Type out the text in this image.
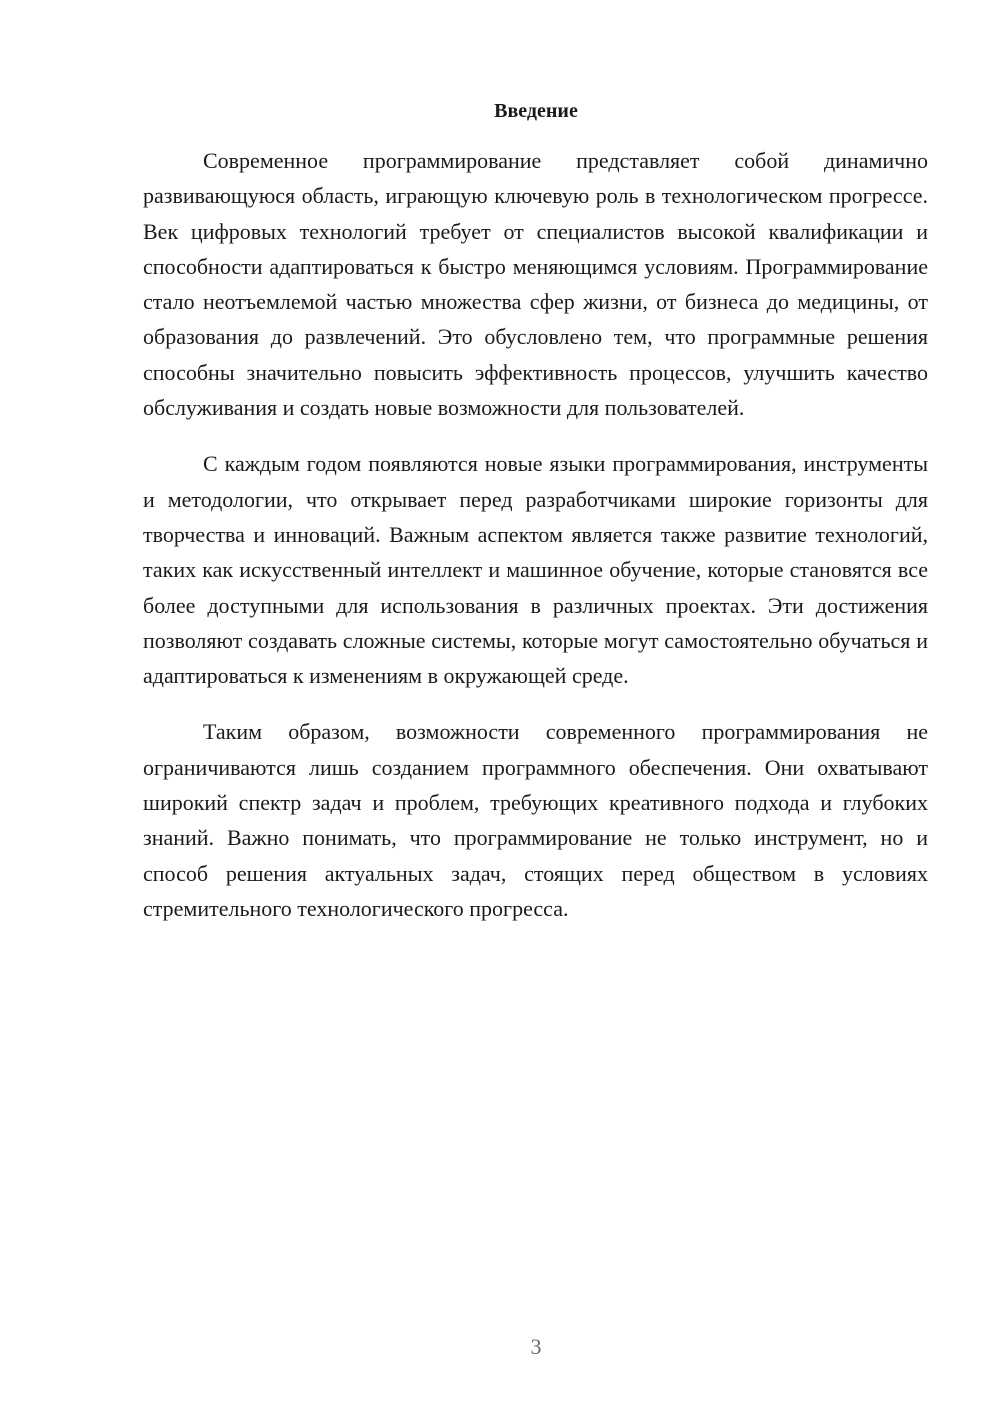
Введение

Современное программирование представляет собой динамично развивающуюся область, играющую ключевую роль в технологическом прогрессе. Век цифровых технологий требует от специалистов высокой квалификации и способности адаптироваться к быстро меняющимся условиям. Программирование стало неотъемлемой частью множества сфер жизни, от бизнеса до медицины, от образования до развлечений. Это обусловлено тем, что программные решения способны значительно повысить эффективность процессов, улучшить качество обслуживания и создать новые возможности для пользователей.

С каждым годом появляются новые языки программирования, инструменты и методологии, что открывает перед разработчиками широкие горизонты для творчества и инноваций. Важным аспектом является также развитие технологий, таких как искусственный интеллект и машинное обучение, которые становятся все более доступными для использования в различных проектах. Эти достижения позволяют создавать сложные системы, которые могут самостоятельно обучаться и адаптироваться к изменениям в окружающей среде.

Таким образом, возможности современного программирования не ограничиваются лишь созданием программного обеспечения. Они охватывают широкий спектр задач и проблем, требующих креативного подхода и глубоких знаний. Важно понимать, что программирование не только инструмент, но и способ решения актуальных задач, стоящих перед обществом в условиях стремительного технологического прогресса.

3
